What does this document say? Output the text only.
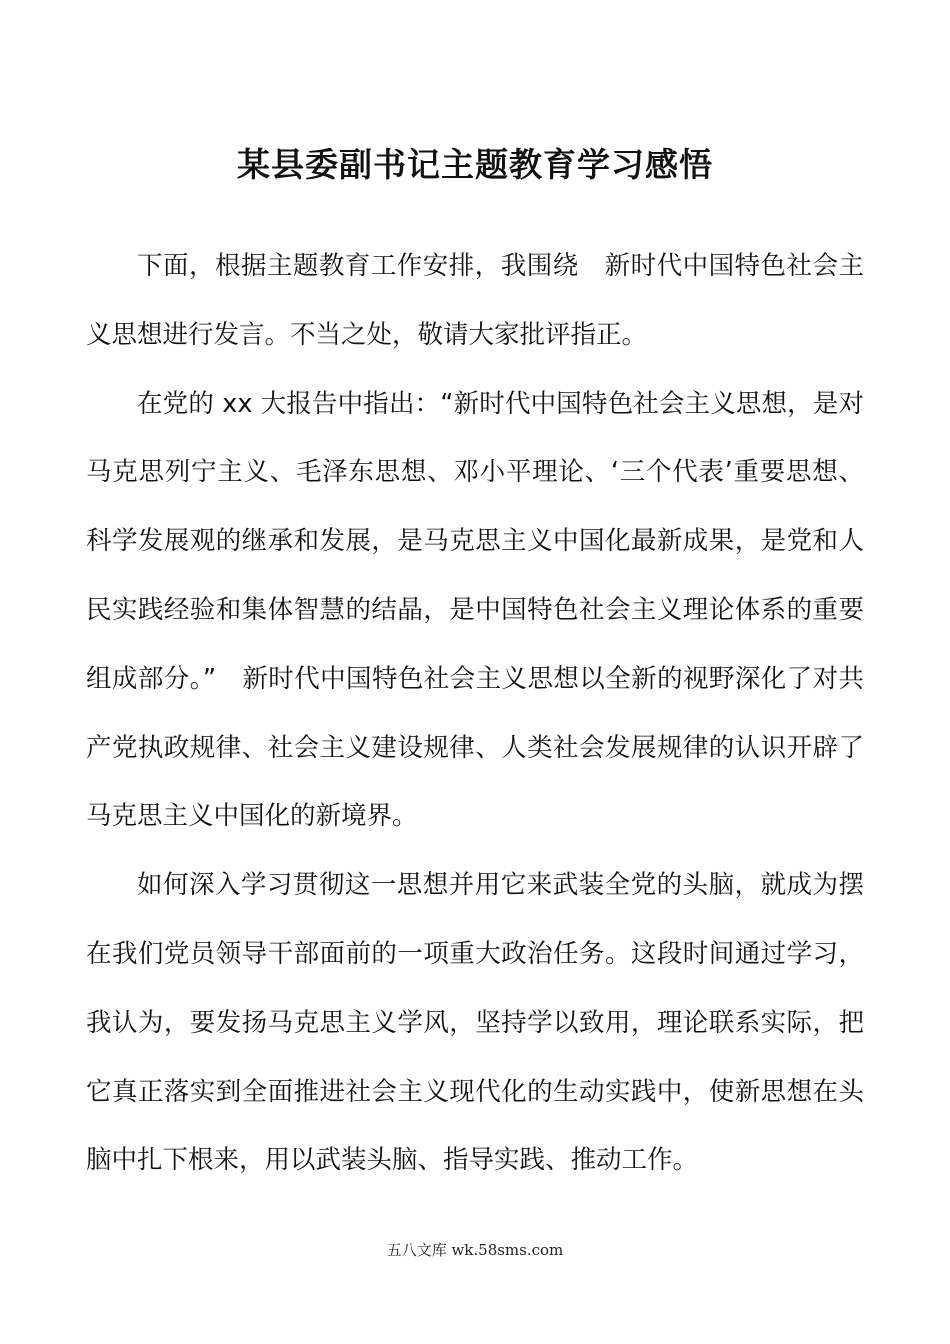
某县委副书记主题教育学习感悟

下面，根据主题教育工作安排，我围绕　新时代中国特色社会主义思想进行发言。不当之处，敬请大家批评指正。

在党的 xx 大报告中指出：“新时代中国特色社会主义思想，是对马克思列宁主义、毛泽东思想、邓小平理论、‘三个代表’重要思想、科学发展观的继承和发展，是马克思主义中国化最新成果，是党和人民实践经验和集体智慧的结晶，是中国特色社会主义理论体系的重要组成部分。”　新时代中国特色社会主义思想以全新的视野深化了对共产党执政规律、社会主义建设规律、人类社会发展规律的认识开辟了马克思主义中国化的新境界。

如何深入学习贯彻这一思想并用它来武装全党的头脑，就成为摆在我们党员领导干部面前的一项重大政治任务。这段时间通过学习，我认为，要发扬马克思主义学风，坚持学以致用，理论联系实际，把它真正落实到全面推进社会主义现代化的生动实践中，使新思想在头脑中扎下根来，用以武装头脑、指导实践、推动工作。

五八文库 wk.58sms.com
